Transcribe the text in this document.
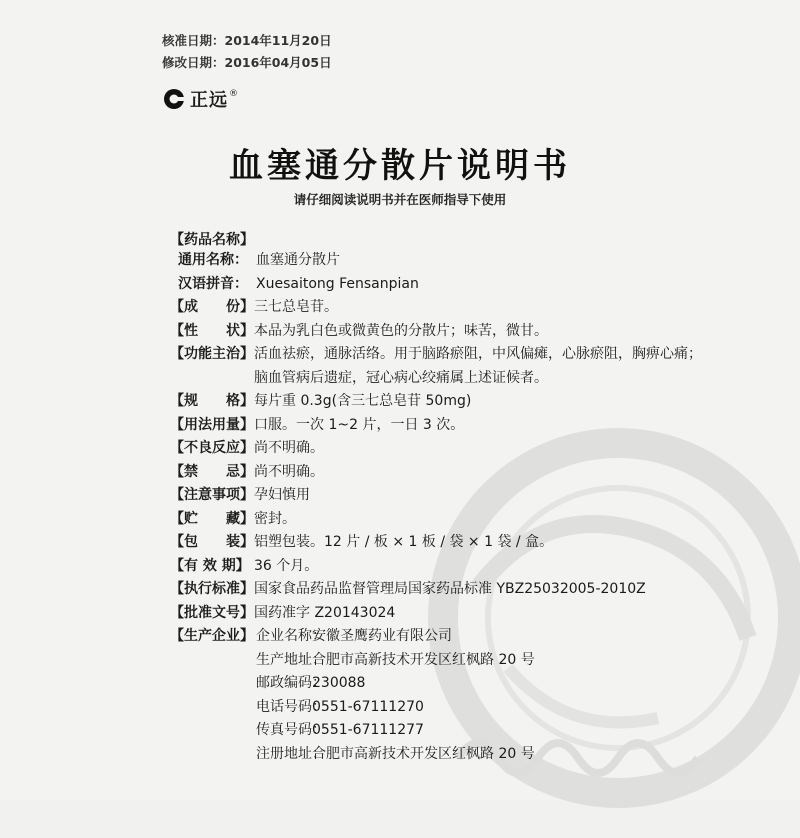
核准日期：2014年11月20日
修改日期：2016年04月05日
正远 ®
血塞通分散片说明书
请仔细阅读说明书并在医师指导下使用
【药品名称】
通用名称： 血塞通分散片
汉语拼音： Xuesaitong Fensanpian
【成　　份】 三七总皂苷。
【性　　状】 本品为乳白色或微黄色的分散片；味苦，微甘。
【功能主治】 活血祛瘀，通脉活络。用于脑路瘀阻，中风偏瘫，心脉瘀阻，胸痹心痛；
脑血管病后遗症，冠心病心绞痛属上述证候者。
【规　　格】 每片重 0.3g(含三七总皂苷 50mg)
【用法用量】 口服。一次 1~2 片，一日 3 次。
【不良反应】 尚不明确。
【禁　　忌】 尚不明确。
【注意事项】 孕妇慎用
【贮　　藏】 密封。
【包　　装】 铝塑包装。12 片 / 板 × 1 板 / 袋 × 1 袋 / 盒。
【有 效 期】 36 个月。
【执行标准】 国家食品药品监督管理局国家药品标准 YBZ25032005-2010Z
【批准文号】 国药准字 Z20143024
【生产企业】 企业名称：
安徽圣鹰药业有限公司
生产地址：
合肥市高新技术开发区红枫路 20 号
邮政编码：
230088
电话号码：
0551-67111270
传真号码：
0551-67111277
注册地址：
合肥市高新技术开发区红枫路 20 号
